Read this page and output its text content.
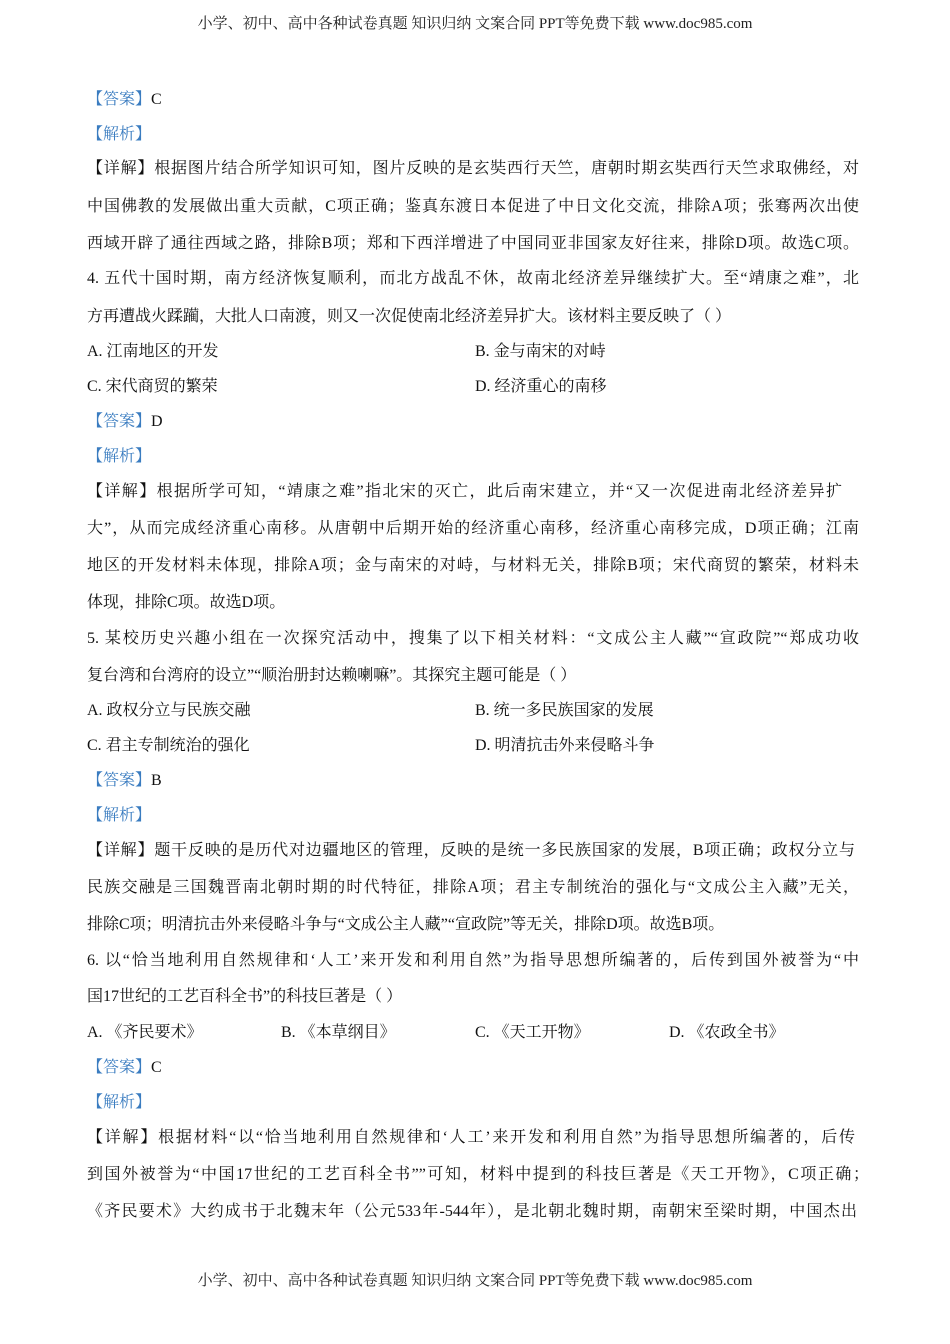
小学、初中、高中各种试卷真题 知识归纳 文案合同 PPT等免费下载 www.doc985.com
【答案】C
【解析】
【详解】根据图片结合所学知识可知，图片反映的是玄奘西行天竺，唐朝时期玄奘西行天竺求取佛经，对
中国佛教的发展做出重大贡献，C项正确；鉴真东渡日本促进了中日文化交流，排除A项；张骞两次出使
西域开辟了通往西域之路，排除B项；郑和下西洋增进了中国同亚非国家友好往来，排除D项。故选C项。
4. 五代十国时期，南方经济恢复顺利，而北方战乱不休，故南北经济差异继续扩大。至“靖康之难”，北
方再遭战火蹂躏，大批人口南渡，则又一次促使南北经济差异扩大。该材料主要反映了（ ）
A. 江南地区的开发	B. 金与南宋的对峙
C. 宋代商贸的繁荣	D. 经济重心的南移
【答案】D
【解析】
【详解】根据所学可知，“靖康之难”指北宋的灭亡，此后南宋建立，并“又一次促进南北经济差异扩
大”，从而完成经济重心南移。从唐朝中后期开始的经济重心南移，经济重心南移完成，D项正确；江南
地区的开发材料未体现，排除A项；金与南宋的对峙，与材料无关，排除B项；宋代商贸的繁荣，材料未
体现，排除C项。故选D项。
5. 某校历史兴趣小组在一次探究活动中，搜集了以下相关材料：“文成公主人藏”“宣政院”“郑成功收
复台湾和台湾府的设立”“顺治册封达赖喇嘛”。其探究主题可能是（ ）
A. 政权分立与民族交融	B. 统一多民族国家的发展
C. 君主专制统治的强化	D. 明清抗击外来侵略斗争
【答案】B
【解析】
【详解】题干反映的是历代对边疆地区的管理，反映的是统一多民族国家的发展，B项正确；政权分立与
民族交融是三国魏晋南北朝时期的时代特征，排除A项；君主专制统治的强化与“文成公主入藏”无关，
排除C项；明清抗击外来侵略斗争与“文成公主人藏”“宣政院”等无关，排除D项。故选B项。
6. 以“恰当地利用自然规律和‘人工’来开发和利用自然”为指导思想所编著的，后传到国外被誉为“中
国17世纪的工艺百科全书”的科技巨著是（ ）
A. 《齐民要术》	B. 《本草纲目》	C. 《天工开物》	D. 《农政全书》
【答案】C
【解析】
【详解】根据材料“以“恰当地利用自然规律和‘人工’来开发和利用自然”为指导思想所编著的，后传
到国外被誉为“中国17世纪的工艺百科全书””可知，材料中提到的科技巨著是《天工开物》，C项正确；
《齐民要术》大约成书于北魏末年（公元533年-544年），是北朝北魏时期，南朝宋至梁时期，中国杰出
小学、初中、高中各种试卷真题 知识归纳 文案合同 PPT等免费下载 www.doc985.com
